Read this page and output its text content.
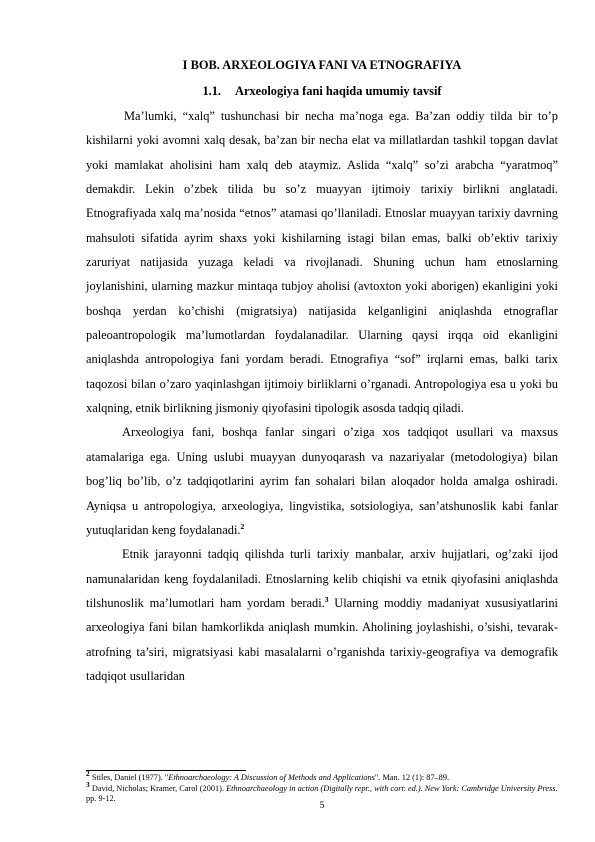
I BOB. ARXEOLOGIYA FANI VA ETNOGRAFIYA
1.1. Arxeologiya fani haqida umumiy tavsif

Ma’lumki, “xalq” tushunchasi bir necha ma’noga ega. Ba’zan oddiy tilda bir to’p kishilarni yoki avomni xalq desak, ba’zan bir necha elat va millatlardan tashkil topgan davlat yoki mamlakat aholisini ham xalq deb ataymiz. Aslida “xalq” so’zi arabcha “yaratmoq” demakdir. Lekin o’zbek tilida bu so’z muayyan ijtimoiy tarixiy birlikni anglatadi. Etnografiyada xalq ma’nosida “etnos” atamasi qo’llaniladi. Etnoslar muayyan tarixiy davrning mahsuloti sifatida ayrim shaxs yoki kishilarning istagi bilan emas, balki ob’ektiv tarixiy zaruriyat natijasida yuzaga keladi va rivojlanadi. Shuning uchun ham etnoslarning joylanishini, ularning mazkur mintaqa tubjoy aholisi (avtoxton yoki aborigen) ekanligini yoki boshqa yerdan ko’chishi (migratsiya) natijasida kelganligini aniqlashda etnograflar paleoantropologik ma’lumotlardan foydalanadilar. Ularning qaysi irqqa oid ekanligini aniqlashda antropologiya fani yordam beradi. Etnografiya “sof” irqlarni emas, balki tarix taqozosi bilan o’zaro yaqinlashgan ijtimoiy birliklarni o’rganadi. Antropologiya esa u yoki bu xalqning, etnik birlikning jismoniy qiyofasini tipologik asosda tadqiq qiladi.

Arxeologiya fani, boshqa fanlar singari o’ziga xos tadqiqot usullari va maxsus atamalariga ega. Uning uslubi muayyan dunyoqarash va nazariyalar (metodologiya) bilan bog’liq bo’lib, o’z tadqiqotlarini ayrim fan sohalari bilan aloqador holda amalga oshiradi. Ayniqsa u antropologiya, arxeologiya, lingvistika, sotsiologiya, san’atshunoslik kabi fanlar yutuqlaridan keng foydalanadi.$^2$

Etnik jarayonni tadqiq qilishda turli tarixiy manbalar, arxiv hujjatlari, og’zaki ijod namunalaridan keng foydalaniladi. Etnoslarning kelib chiqishi va etnik qiyofasini aniqlashda tilshunoslik ma’lumotlari ham yordam beradi.$^3$ Ularning moddiy madaniyat xususiyatlarini arxeologiya fani bilan hamkorlikda aniqlash mumkin. Aholining joylashishi, o’sishi, tevarak-atrofning ta’siri, migratsiyasi kabi masalalarni o’rganishda tarixiy-geografiya va demografik tadqiqot usullaridan

$^2$ Stiles, Daniel (1977). "Ethnoarchaeology: A Discussion of Methods and Applications". Man. 12 (1): 87–89.
$^3$ David, Nicholas; Kramer, Carol (2001). Ethnoarchaeology in action (Digitally repr., with corr. ed.). New York: Cambridge University Press. pp. 9-12.
5
